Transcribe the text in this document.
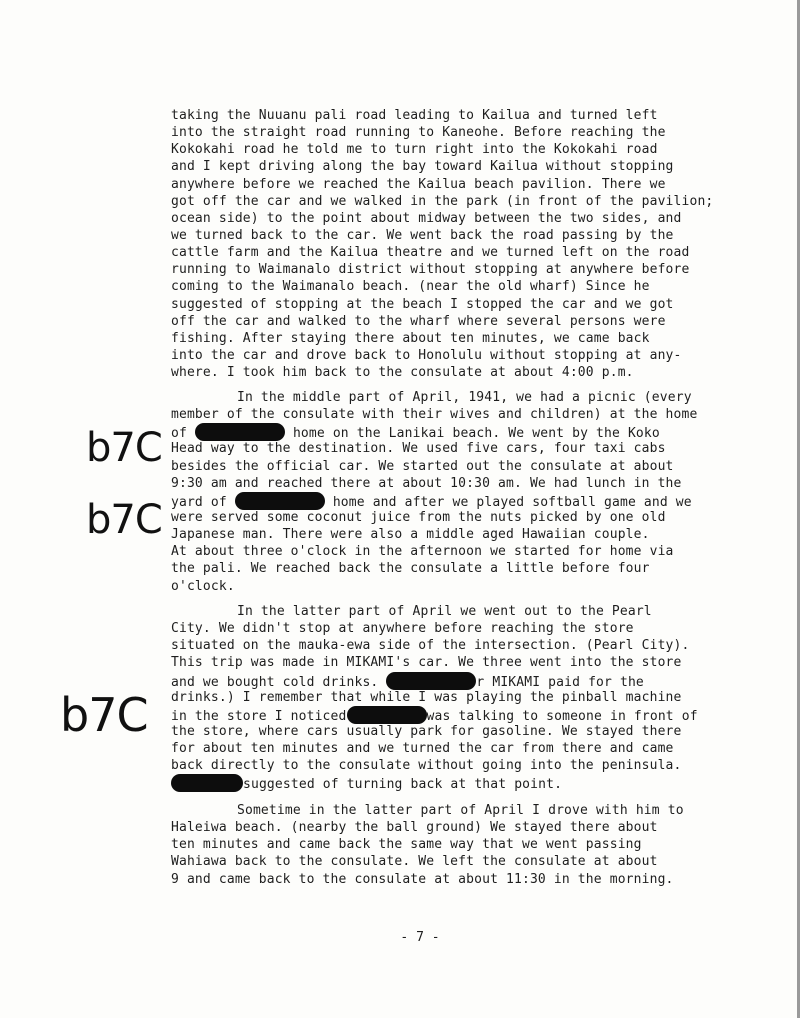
taking the Nuuanu pali road leading to Kailua and turned left
into the straight road running to Kaneohe. Before reaching the
Kokokahi road he told me to turn right into the Kokokahi road
and I kept driving along the bay toward Kailua without stopping
anywhere before we reached the Kailua beach pavilion. There we
got off the car and we walked in the park (in front of the pavilion;
ocean side) to the point about midway between the two sides, and
we turned back to the car. We went back the road passing by the
cattle farm and the Kailua theatre and we turned left on the road
running to Waimanalo district without stopping at anywhere before
coming to the Waimanalo beach. (near the old wharf) Since he
suggested of stopping at the beach I stopped the car and we got
off the car and walked to the wharf where several persons were
fishing. After staying there about ten minutes, we came back
into the car and drove back to Honolulu without stopping at any-
where. I took him back to the consulate at about 4:00 p.m.
In the middle part of April, 1941, we had a picnic (every
member of the consulate with their wives and children) at the home
of	home on the Lanikai beach. We went by the Koko
Head way to the destination. We used five cars, four taxi cabs
besides the official car. We started out the consulate at about
9:30 am and reached there at about 10:30 am. We had lunch in the
yard of	home and after we played softball game and we
were served some coconut juice from the nuts picked by one old
Japanese man. There were also a middle aged Hawaiian couple.
At about three o'clock in the afternoon we started for home via
the pali. We reached back the consulate a little before four
o'clock.
In the latter part of April we went out to the Pearl
City. We didn't stop at anywhere before reaching the store
situated on the mauka-ewa side of the intersection. (Pearl City).
This trip was made in MIKAMI's car. We three went into the store
and we bought cold drinks.	r MIKAMI paid for the
drinks.) I remember that while I was playing the pinball machine
in the store I noticed	was talking to someone in front of
the store, where cars usually park for gasoline. We stayed there
for about ten minutes and we turned the car from there and came
back directly to the consulate without going into the peninsula.
suggested of turning back at that point.
Sometime in the latter part of April I drove with him to
Haleiwa beach. (nearby the ball ground) We stayed there about
ten minutes and came back the same way that we went passing
Wahiawa back to the consulate. We left the consulate at about
9 and came back to the consulate at about 11:30 in the morning.
b7C
b7C
b7C
- 7 -
